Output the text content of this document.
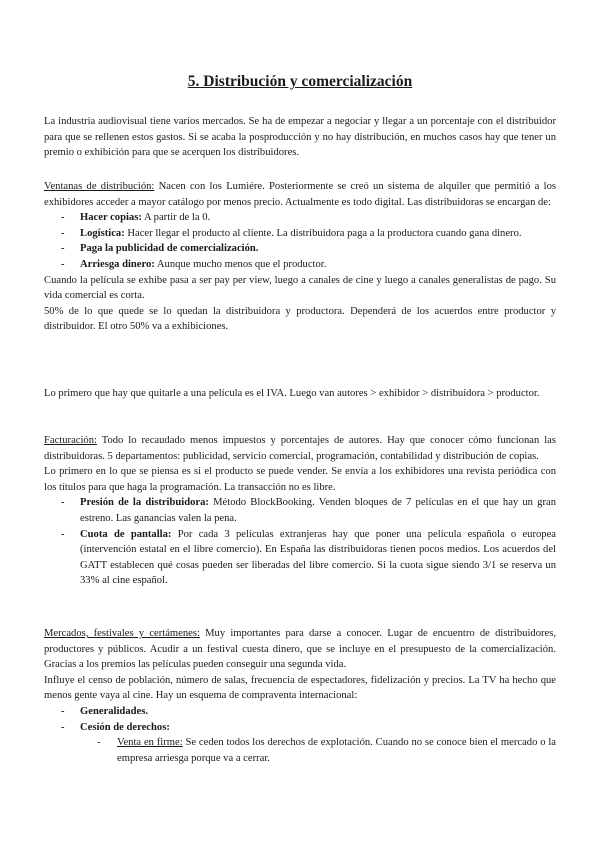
5. Distribución y comercialización

La industria audiovisual tiene varios mercados. Se ha de empezar a negociar y llegar a un porcentaje con el distribuidor para que se rellenen estos gastos. Si se acaba la posproducción y no hay distribución, en muchos casos hay que tener un premio o exhibición para que se acerquen los distribuidores.

Ventanas de distribución: Nacen con los Lumiére. Posteriormente se creó un sistema de alquiler que permitió a los exhibidores acceder a mayor catálogo por menos precio. Actualmente es todo digital. Las distribuidoras se encargan de:

- Hacer copias: A partir de la 0.
- Logística: Hacer llegar el producto al cliente. La distribuidora paga a la productora cuando gana dinero.
- Paga la publicidad de comercialización.
- Arriesga dinero: Aunque mucho menos que el productor.

Cuando la película se exhibe pasa a ser pay per view, luego a canales de cine y luego a canales generalistas de pago. Su vida comercial es corta.

50% de lo que quede se lo quedan la distribuidora y productora. Dependerá de los acuerdos entre productor y distribuidor. El otro 50% va a exhibiciones.

Lo primero que hay que quitarle a una película es el IVA. Luego van autores > exhibidor > distribuidora > productor.

Facturación: Todo lo recaudado menos impuestos y porcentajes de autores. Hay que conocer cómo funcionan las distribuidoras. 5 departamentos: publicidad, servicio comercial, programación, contabilidad y distribución de copias.

Lo primero en lo que se piensa es si el producto se puede vender. Se envía a los exhibidores una revista periódica con los títulos para que haga la programación. La transacción no es libre.

- Presión de la distribuidora: Método BlockBooking. Venden bloques de 7 películas en el que hay un gran estreno. Las ganancias valen la pena.
- Cuota de pantalla: Por cada 3 películas extranjeras hay que poner una película española o europea (intervención estatal en el libre comercio). En España las distribuidoras tienen pocos medios. Los acuerdos del GATT establecen qué cosas pueden ser liberadas del libre comercio. Si la cuota sigue siendo 3/1 se reserva un 33% al cine español.

Mercados, festivales y certámenes: Muy importantes para darse a conocer. Lugar de encuentro de distribuidores, productores y públicos. Acudir a un festival cuesta dinero, que se incluye en el presupuesto de la comercialización. Gracias a los premios las películas pueden conseguir una segunda vida.

Influye el censo de población, número de salas, frecuencia de espectadores, fidelización y precios. La TV ha hecho que menos gente vaya al cine. Hay un esquema de compraventa internacional:

- Generalidades.
- Cesión de derechos:
- Venta en firme: Se ceden todos los derechos de explotación. Cuando no se conoce bien el mercado o la empresa arriesga porque va a cerrar.
